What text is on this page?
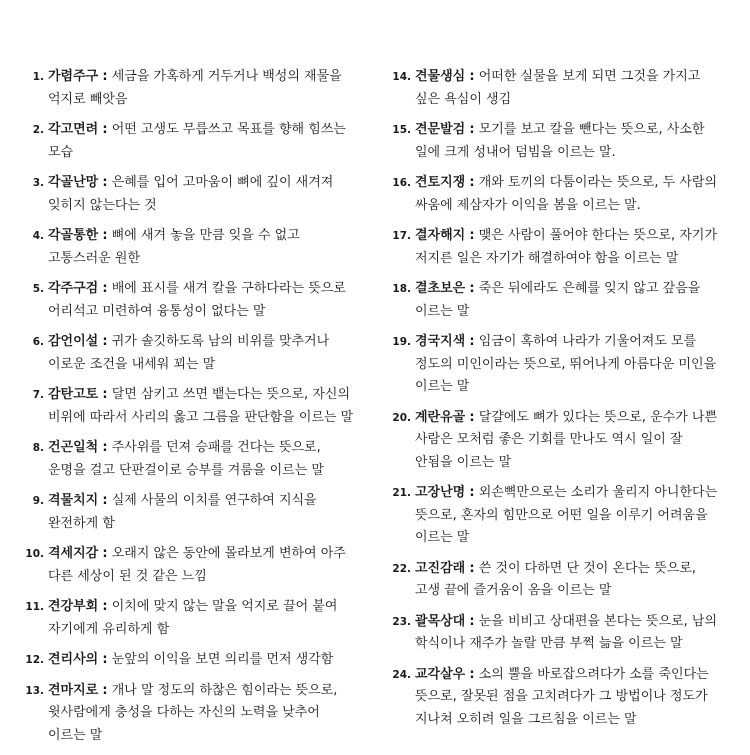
1. 가렴주구 : 세금을 가혹하게 거두거나 백성의 재물을 억지로 빼앗음
2. 각고면려 : 어떤 고생도 무릅쓰고 목표를 향해 힘쓰는 모습
3. 각골난망 : 은혜를 입어 고마움이 뼈에 깊이 새겨져 잊히지 않는다는 것
4. 각골통한 : 뼈에 새겨 놓을 만큼 잊을 수 없고 고통스러운 원한
5. 각주구검 : 배에 표시를 새겨 칼을 구하다라는 뜻으로 어리석고 미련하여 융통성이 없다는 말
6. 감언이설 : 귀가 솔깃하도록 남의 비위를 맞추거나 이로운 조건을 내세워 꾀는 말
7. 감탄고토 : 달면 삼키고 쓰면 뱉는다는 뜻으로, 자신의 비위에 따라서 사리의 옳고 그름을 판단함을 이르는 말
8. 건곤일척 : 주사위를 던져 승패를 건다는 뜻으로, 운명을 걸고 단판걸이로 승부를 겨룸을 이르는 말
9. 격물치지 : 실제 사물의 이치를 연구하여 지식을 완전하게 함
10. 격세지감 : 오래지 않은 동안에 몰라보게 변하여 아주 다른 세상이 된 것 같은 느낌
11. 견강부회 : 이치에 맞지 않는 말을 억지로 끌어 붙여 자기에게 유리하게 함
12. 견리사의 : 눈앞의 이익을 보면 의리를 먼저 생각함
13. 견마지로 : 개나 말 정도의 하찮은 힘이라는 뜻으로, 윗사람에게 충성을 다하는 자신의 노력을 낮추어 이르는 말
14. 견물생심 : 어떠한 실물을 보게 되면 그것을 가지고 싶은 욕심이 생김
15. 견문발검 : 모기를 보고 칼을 뺀다는 뜻으로, 사소한 일에 크게 성내어 덤빔을 이르는 말.
16. 견토지쟁 : 개와 토끼의 다툼이라는 뜻으로, 두 사람의 싸움에 제삼자가 이익을 봄을 이르는 말.
17. 결자해지 : 맺은 사람이 풀어야 한다는 뜻으로, 자기가 저지른 일은 자기가 해결하여야 함을 이르는 말
18. 결초보은 : 죽은 뒤에라도 은혜를 잊지 않고 갚음을 이르는 말
19. 경국지색 : 임금이 혹하여 나라가 기울어져도 모를 정도의 미인이라는 뜻으로, 뛰어나게 아름다운 미인을 이르는 말
20. 계란유골 : 달걀에도 뼈가 있다는 뜻으로, 운수가 나쁜 사람은 모처럼 좋은 기회를 만나도 역시 일이 잘 안됨을 이르는 말
21. 고장난명 : 외손뼉만으로는 소리가 울리지 아니한다는 뜻으로, 혼자의 힘만으로 어떤 일을 이루기 어려움을 이르는 말
22. 고진감래 : 쓴 것이 다하면 단 것이 온다는 뜻으로, 고생 끝에 즐거움이 옴을 이르는 말
23. 괄목상대 : 눈을 비비고 상대편을 본다는 뜻으로, 남의 학식이나 재주가 놀랄 만큼 부쩍 늚을 이르는 말
24. 교각살우 : 소의 뿔을 바로잡으려다가 소를 죽인다는 뜻으로, 잘못된 점을 고치려다가 그 방법이나 정도가 지나쳐 오히려 일을 그르침을 이르는 말
